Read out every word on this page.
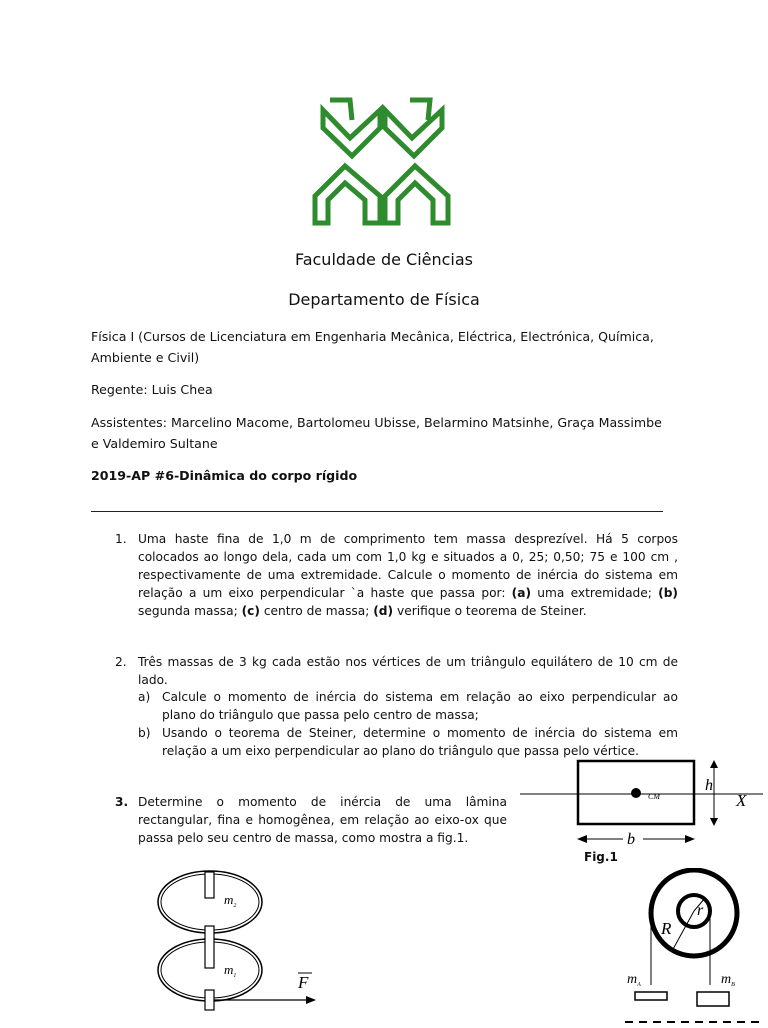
Faculdade de Ciências
Departamento de Física
Física I (Cursos de Licenciatura em Engenharia Mecânica, Eléctrica, Electrónica, Química, Ambiente e Civil)
Regente: Luis Chea
Assistentes: Marcelino Macome, Bartolomeu Ubisse, Belarmino Matsinhe, Graça Massimbe e Valdemiro Sultane
2019-AP #6-Dinâmica do corpo rígido
1. Uma haste fina de 1,0 m de comprimento tem massa desprezível. Há 5 corpos colocados ao longo dela, cada um com 1,0 kg e situados a 0, 25; 0,50; 75 e 100 cm , respectivamente de uma extremidade. Calcule o momento de inércia do sistema em relação a um eixo perpendicular `a haste que passa por: (a) uma extremidade; (b) segunda massa; (c) centro de massa; (d) verifique o teorema de Steiner.
2. Três massas de 3 kg cada estão nos vértices de um triângulo equilátero de 10 cm de lado.
a) Calcule o momento de inércia do sistema em relação ao eixo perpendicular ao plano do triângulo que passa pelo centro de massa;
b) Usando o teorema de Steiner, determine o momento de inércia do sistema em relação a um eixo perpendicular ao plano do triângulo que passa pelo vértice.
3. Determine o momento de inércia de uma lâmina rectangular, fina e homogênea, em relação ao eixo-ox que passa pelo seu centro de massa, como mostra a fig.1.
CM
h
X
b
Fig.1
$m_2$
$m_1$	F
R
r
$m_A$	$m_B$
